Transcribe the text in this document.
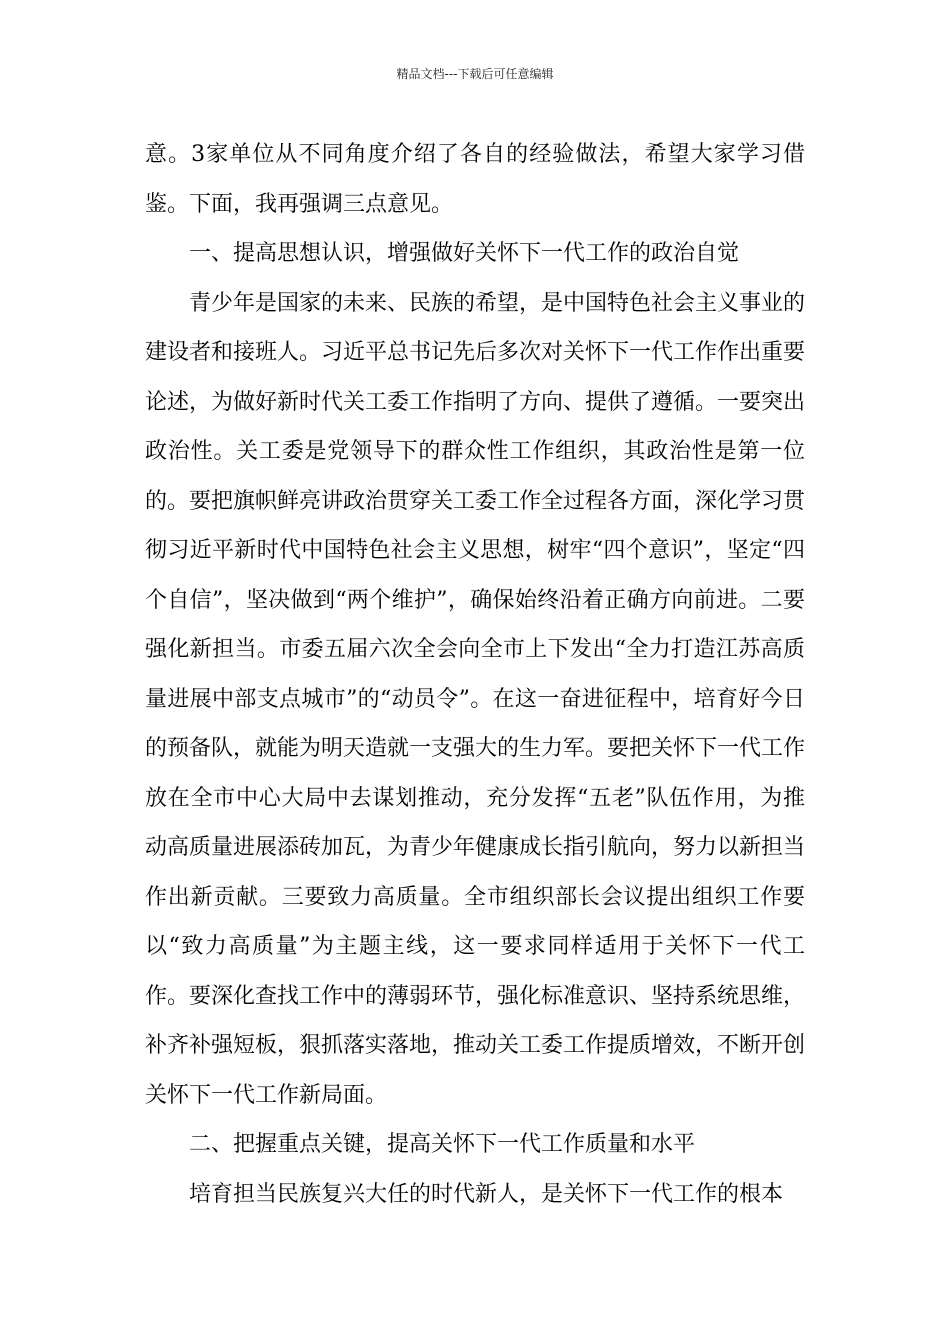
精品文档---下载后可任意编辑

意。3家单位从不同角度介绍了各自的经验做法，希望大家学习借鉴。下面，我再强调三点意见。

一、提高思想认识，增强做好关怀下一代工作的政治自觉

青少年是国家的未来、民族的希望，是中国特色社会主义事业的建设者和接班人。习近平总书记先后多次对关怀下一代工作作出重要论述，为做好新时代关工委工作指明了方向、提供了遵循。一要突出政治性。关工委是党领导下的群众性工作组织，其政治性是第一位的。要把旗帜鲜亮讲政治贯穿关工委工作全过程各方面，深化学习贯彻习近平新时代中国特色社会主义思想，树牢“四个意识”，坚定“四个自信”，坚决做到“两个维护”，确保始终沿着正确方向前进。二要强化新担当。市委五届六次全会向全市上下发出“全力打造江苏高质量进展中部支点城市”的“动员令”。在这一奋进征程中，培育好今日的预备队，就能为明天造就一支强大的生力军。要把关怀下一代工作放在全市中心大局中去谋划推动，充分发挥“五老”队伍作用，为推动高质量进展添砖加瓦，为青少年健康成长指引航向，努力以新担当作出新贡献。三要致力高质量。全市组织部长会议提出组织工作要以“致力高质量”为主题主线，这一要求同样适用于关怀下一代工作。要深化查找工作中的薄弱环节，强化标准意识、坚持系统思维，补齐补强短板，狠抓落实落地，推动关工委工作提质增效，不断开创关怀下一代工作新局面。

二、把握重点关键，提高关怀下一代工作质量和水平

培育担当民族复兴大任的时代新人，是关怀下一代工作的根本
